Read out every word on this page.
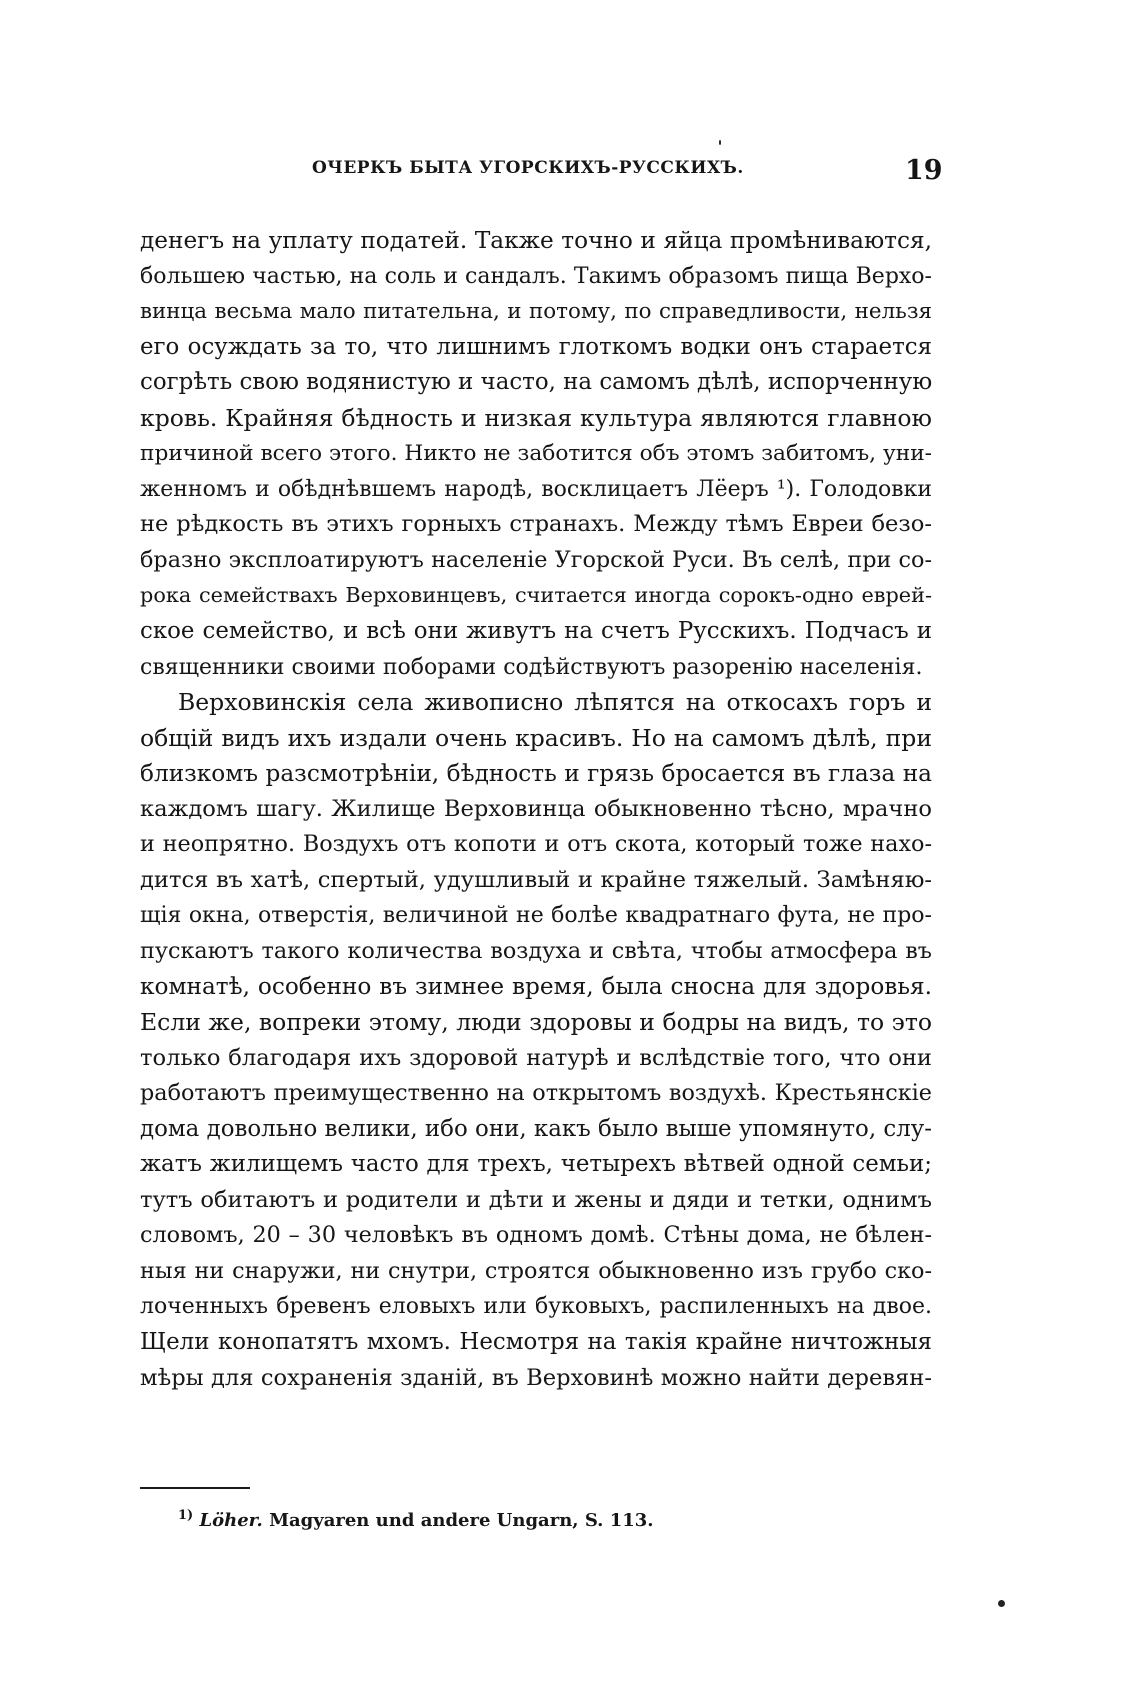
ОЧЕРКЪ БЫТА УГОРСКИХЪ-РУССКИХЪ.	19
денегъ на уплату податей. Также точно и яйца промѣниваются,
большею частью, на соль и сандалъ. Такимъ образомъ пища Верхо-
винца весьма мало питательна, и потому, по справедливости, нельзя
его осуждать за то, что лишнимъ глоткомъ водки онъ старается
согрѣть свою водянистую и часто, на самомъ дѣлѣ, испорченную
кровь. Крайняя бѣдность и низкая культура являются главною
причиной всего этого. Никто не заботится объ этомъ забитомъ, уни-
женномъ и обѣднѣвшемъ народѣ, восклицаетъ Лёеръ ¹). Голодовки
не рѣдкость въ этихъ горныхъ странахъ. Между тѣмъ Евреи безо-
бразно эксплоатируютъ населеніе Угорской Руси. Въ селѣ, при со-
рока семействахъ Верховинцевъ, считается иногда сорокъ-одно еврей-
ское семейство, и всѣ они живутъ на счетъ Русскихъ. Подчасъ и
священники своими поборами содѣйствуютъ разоренію населенія.
Верховинскія села живописно лѣпятся на откосахъ горъ и
общій видъ ихъ издали очень красивъ. Но на самомъ дѣлѣ, при
близкомъ разсмотрѣніи, бѣдность и грязь бросается въ глаза на
каждомъ шагу. Жилище Верховинца обыкновенно тѣсно, мрачно
и неопрятно. Воздухъ отъ копоти и отъ скота, который тоже нахо-
дится въ хатѣ, спертый, удушливый и крайне тяжелый. Замѣняю-
щія окна, отверстія, величиной не болѣе квадратнаго фута, не про-
пускаютъ такого количества воздуха и свѣта, чтобы атмосфера въ
комнатѣ, особенно въ зимнее время, была сносна для здоровья.
Если же, вопреки этому, люди здоровы и бодры на видъ, то это
только благодаря ихъ здоровой натурѣ и вслѣдствіе того, что они
работаютъ преимущественно на открытомъ воздухѣ. Крестьянскіе
дома довольно велики, ибо они, какъ было выше упомянуто, слу-
жатъ жилищемъ часто для трехъ, четырехъ вѣтвей одной семьи;
тутъ обитаютъ и родители и дѣти и жены и дяди и тетки, однимъ
словомъ, 20 – 30 человѣкъ въ одномъ домѣ. Стѣны дома, не бѣлен-
ныя ни снаружи, ни снутри, строятся обыкновенно изъ грубо ско-
лоченныхъ бревенъ еловыхъ или буковыхъ, распиленныхъ на двое.
Щели конопатятъ мхомъ. Несмотря на такія крайне ничтожныя
мѣры для сохраненія зданій, въ Верховинѣ можно найти деревян-
$^{1)}$ Löher. Magyaren und andere Ungarn, S. 113.
